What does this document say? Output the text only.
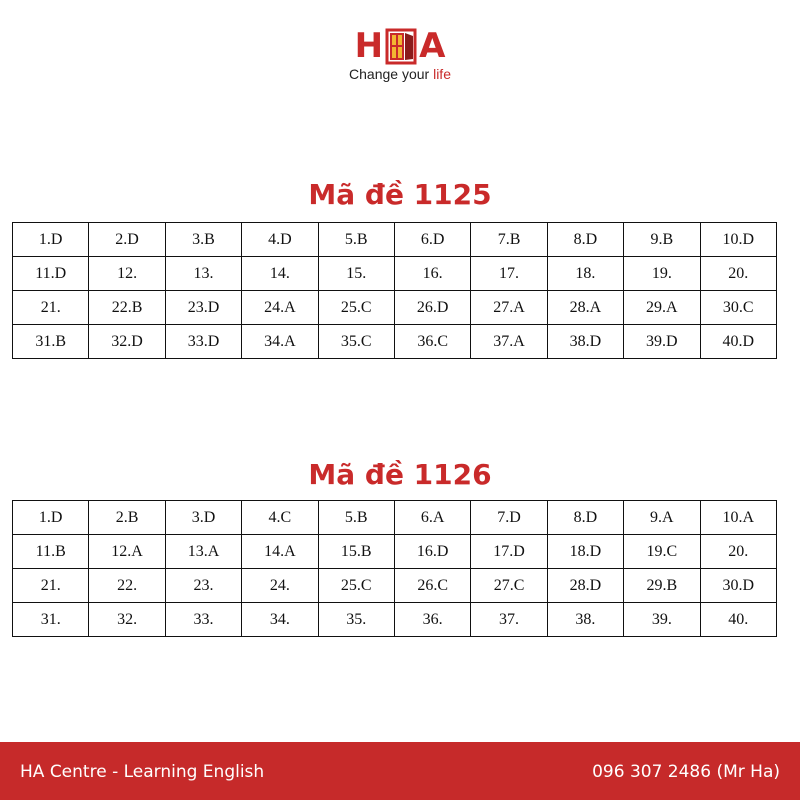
H A
Change your life
Mã đề 1125
1.D	2.D	3.B	4.D	5.B	6.D	7.B	8.D	9.B	10.D
11.D	12.	13.	14.	15.	16.	17.	18.	19.	20.
21.	22.B	23.D	24.A	25.C	26.D	27.A	28.A	29.A	30.C
31.B	32.D	33.D	34.A	35.C	36.C	37.A	38.D	39.D	40.D
Mã đề 1126
1.D	2.B	3.D	4.C	5.B	6.A	7.D	8.D	9.A	10.A
11.B	12.A	13.A	14.A	15.B	16.D	17.D	18.D	19.C	20.
21.	22.	23.	24.	25.C	26.C	27.C	28.D	29.B	30.D
31.	32.	33.	34.	35.	36.	37.	38.	39.	40.
HA Centre - Learning English	096 307 2486 (Mr Ha)
